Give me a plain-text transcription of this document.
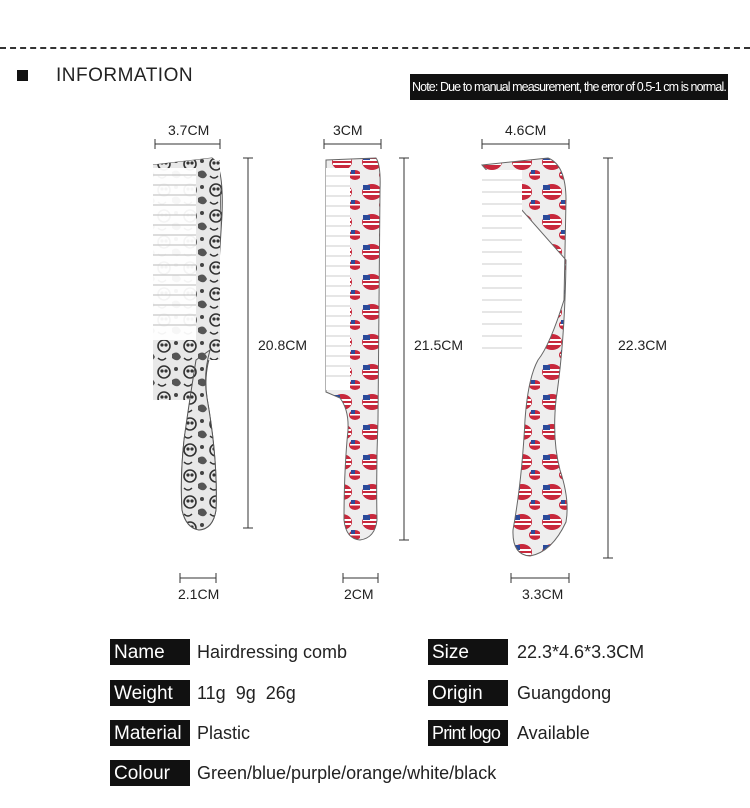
INFORMATION
Note: Due to manual measurement, the error of 0.5-1 cm is normal.
3.7CM
20.8CM
2.1CM
3CM
21.5CM
2CM
4.6CM
22.3CM
3.3CM
Name	Hairdressing comb	Size	22.3*4.6*3.3CM
Weight	11g  9g  26g	Origin	Guangdong
Material Plastic	Print logo Available
Colour	Green/blue/purple/orange/white/black
